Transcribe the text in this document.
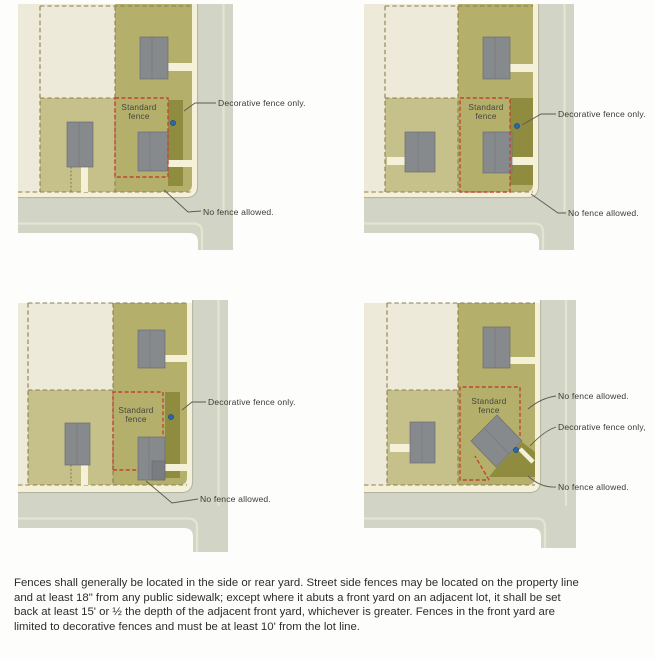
Standard
fence
Decorative fence only.
No fence allowed.
Standard
fence	Decorative fence only.
No fence allowed.
Standard
fence
Decorative fence only.
No fence allowed.
Standard
fence
No fence allowed.
Decorative fence only,
No fence allowed.
Fences shall generally be located in the side or rear yard. Street side fences may be located on the property line
and at least 18" from any public sidewalk; except where it abuts a front yard on an adjacent lot, it shall be set
back at least 15' or ½ the depth of the adjacent front yard, whichever is greater. Fences in the front yard are
limited to decorative fences and must be at least 10' from the lot line.
